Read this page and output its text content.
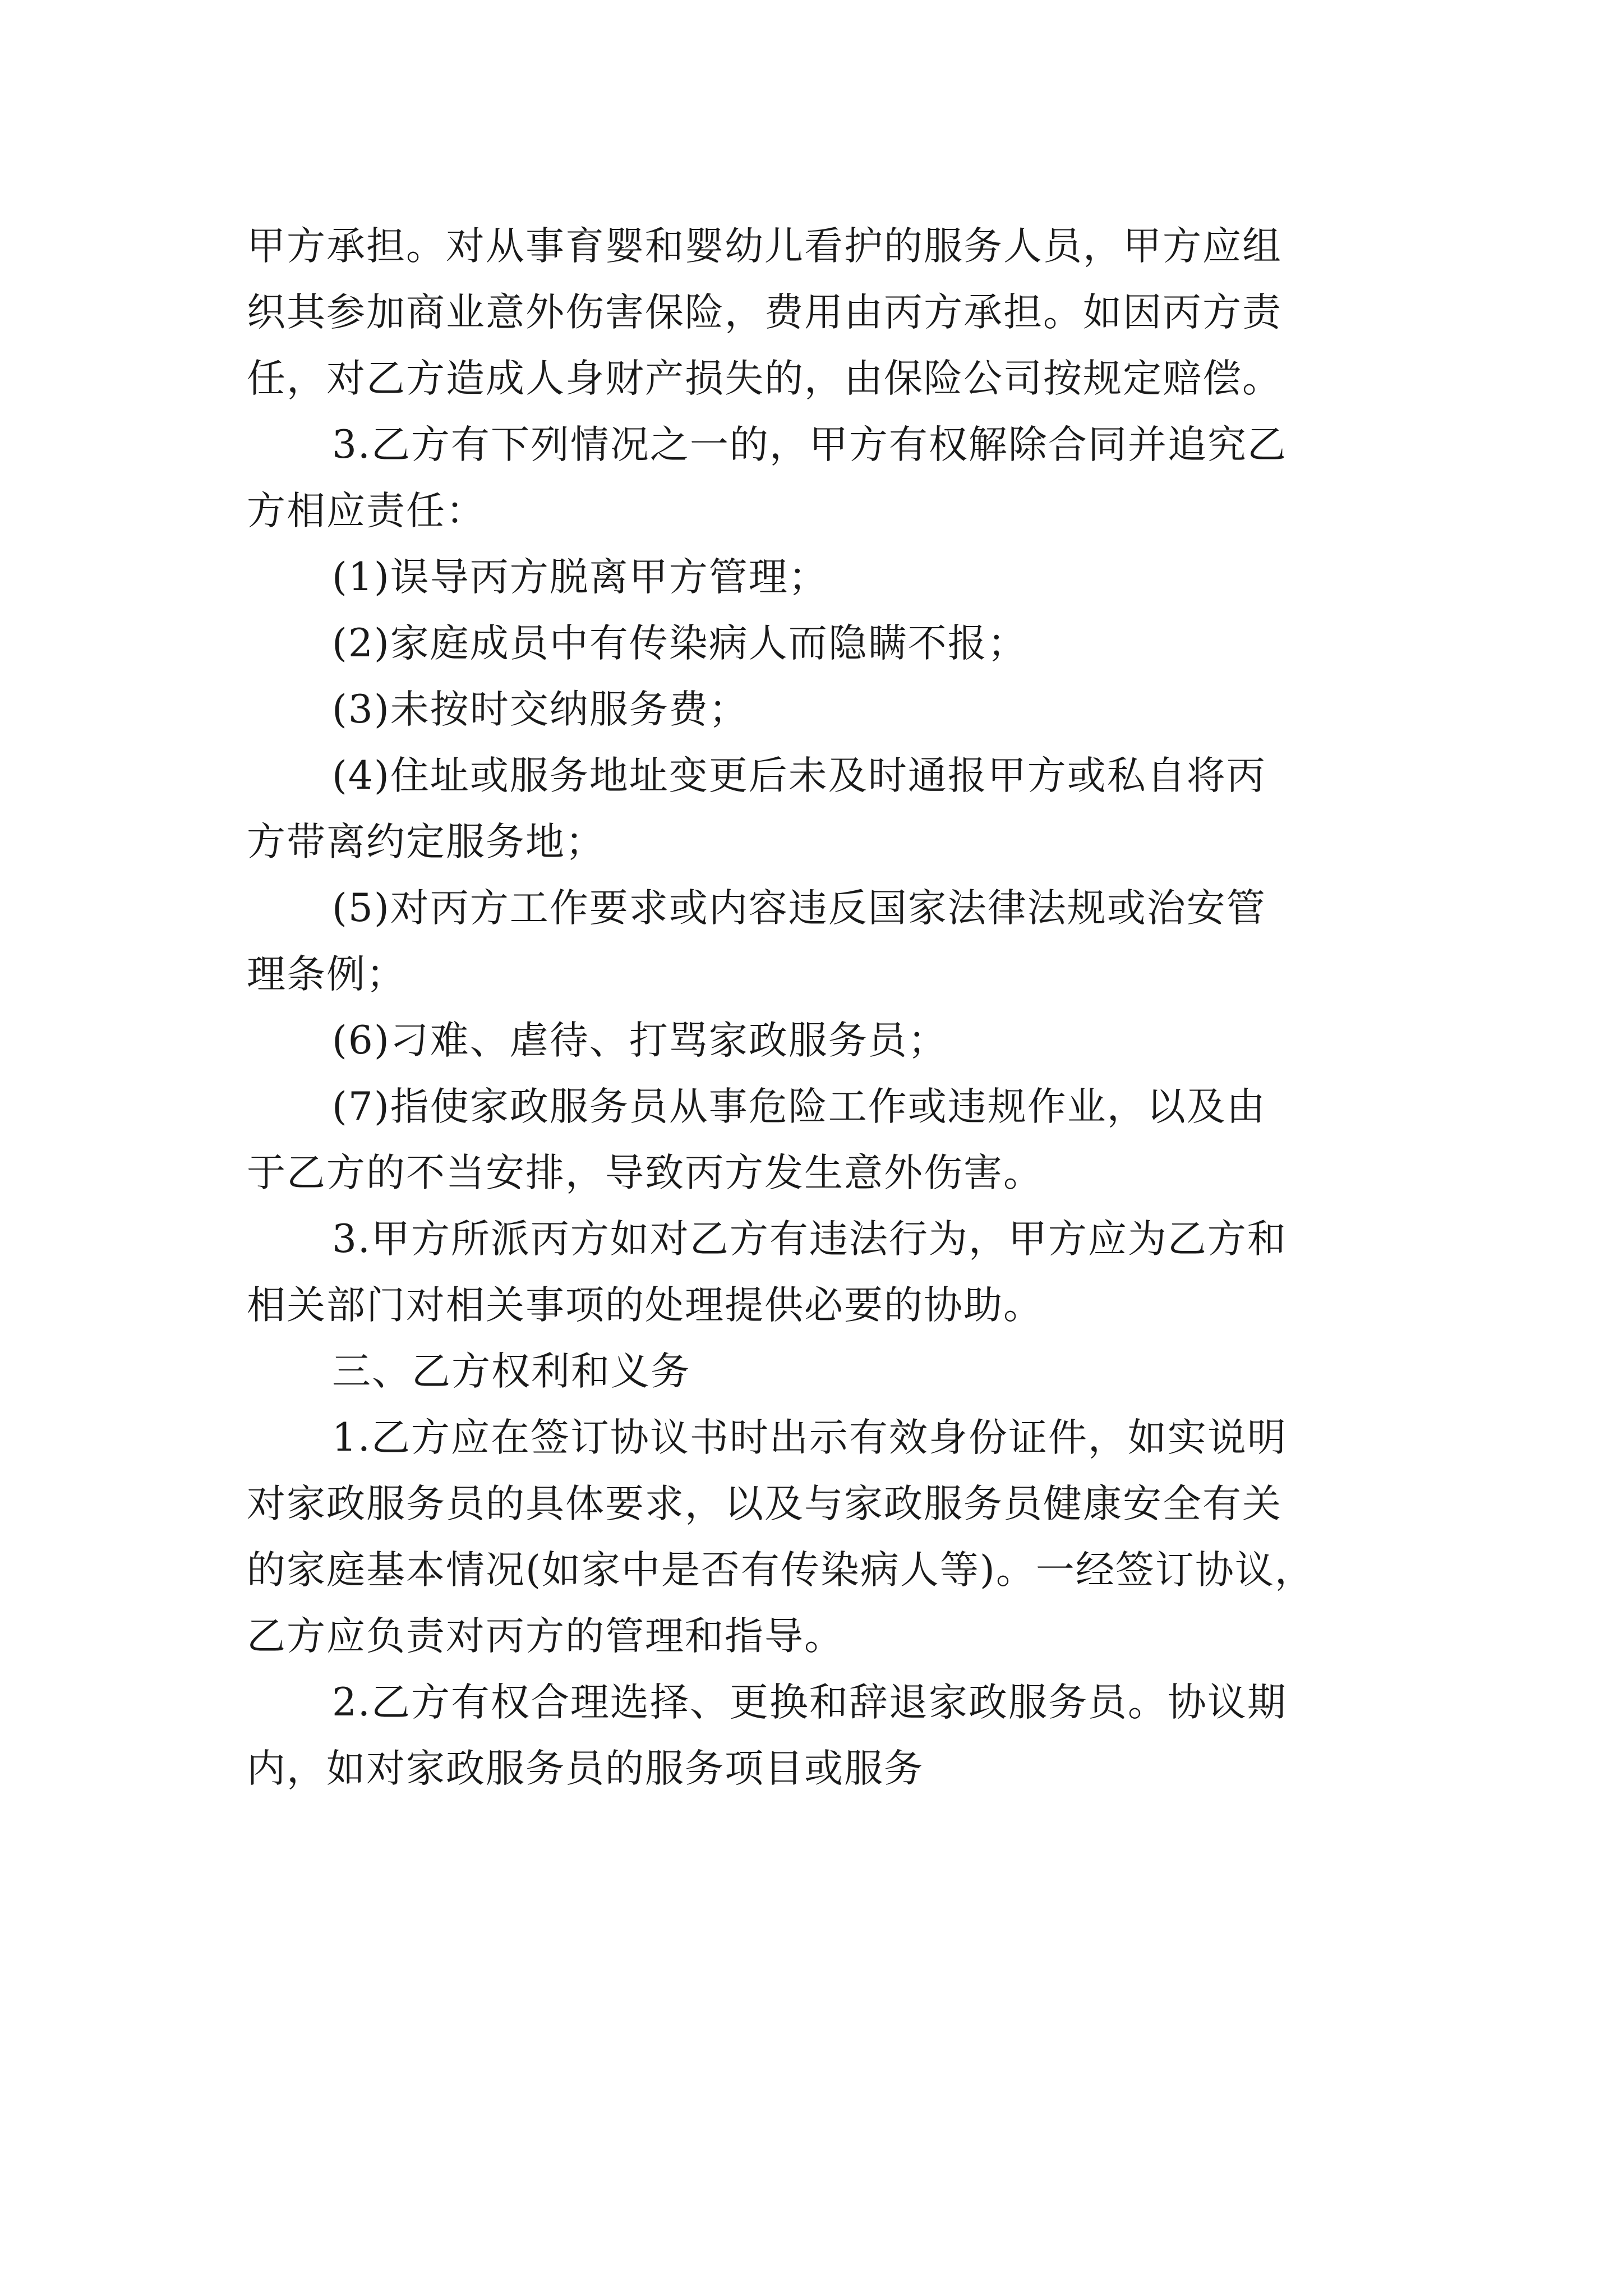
甲方承担。对从事育婴和婴幼儿看护的服务人员，甲方应组
织其参加商业意外伤害保险，费用由丙方承担。如因丙方责
任，对乙方造成人身财产损失的，由保险公司按规定赔偿。
3.乙方有下列情况之一的，甲方有权解除合同并追究乙
方相应责任：
(1)误导丙方脱离甲方管理；
(2)家庭成员中有传染病人而隐瞒不报；
(3)未按时交纳服务费；
(4)住址或服务地址变更后未及时通报甲方或私自将丙
方带离约定服务地；
(5)对丙方工作要求或内容违反国家法律法规或治安管
理条例；
(6)刁难、虐待、打骂家政服务员；
(7)指使家政服务员从事危险工作或违规作业，以及由
于乙方的不当安排，导致丙方发生意外伤害。
3.甲方所派丙方如对乙方有违法行为，甲方应为乙方和
相关部门对相关事项的处理提供必要的协助。
三、乙方权利和义务
1.乙方应在签订协议书时出示有效身份证件，如实说明
对家政服务员的具体要求，以及与家政服务员健康安全有关
的家庭基本情况(如家中是否有传染病人等)。一经签订协议，
乙方应负责对丙方的管理和指导。
2.乙方有权合理选择、更换和辞退家政服务员。协议期
内，如对家政服务员的服务项目或服务
